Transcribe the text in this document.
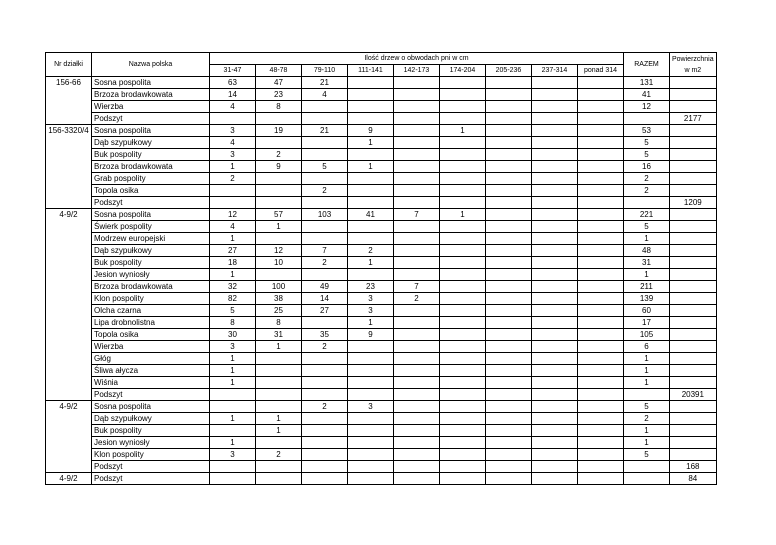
Nr działki	Nazwa polska	Ilość drzew o obwodach pni w cm									RAZEM	Powierzchnia
w m2

		31-47	48-78	79-110	111-141	142-173	174-204	205-236	237-314	ponad 314		
156-66	Sosna pospolita	63	47	21							131	
	Brzoza brodawkowata	14	23	4							41	
	Wierzba	4	8								12	
	Podszyt											2177
156-3320/4	Sosna pospolita	3	19	21	9		1				53	
	Dąb szypułkowy	4			1						5	
	Buk pospolity	3	2								5	
	Brzoza brodawkowata	1	9	5	1						16	
	Grab pospolity	2									2	
	Topola osika			2							2	
	Podszyt											1209
4-9/2	Sosna pospolita	12	57	103	41	7	1				221	
	Świerk pospolity	4	1								5	
	Modrzew europejski	1									1	
	Dąb szypułkowy	27	12	7	2						48	
	Buk pospolity	18	10	2	1						31	
	Jesion wyniosły	1									1	
	Brzoza brodawkowata	32	100	49	23	7					211	
	Klon pospolity	82	38	14	3	2					139	
	Olcha czarna	5	25	27	3						60	
	Lipa drobnolistna	8	8		1						17	
	Topola osika	30	31	35	9						105	
	Wierzba	3	1	2							6	
	Głóg	1									1	
	Śliwa ałycza	1									1	
	Wiśnia	1									1	
	Podszyt											20391
4-9/2	Sosna pospolita			2	3						5	
	Dąb szypułkowy	1	1								2	
	Buk pospolity		1								1	
	Jesion wyniosły	1									1	
	Klon pospolity	3	2								5	
	Podszyt											168
4-9/2	Podszyt											84
